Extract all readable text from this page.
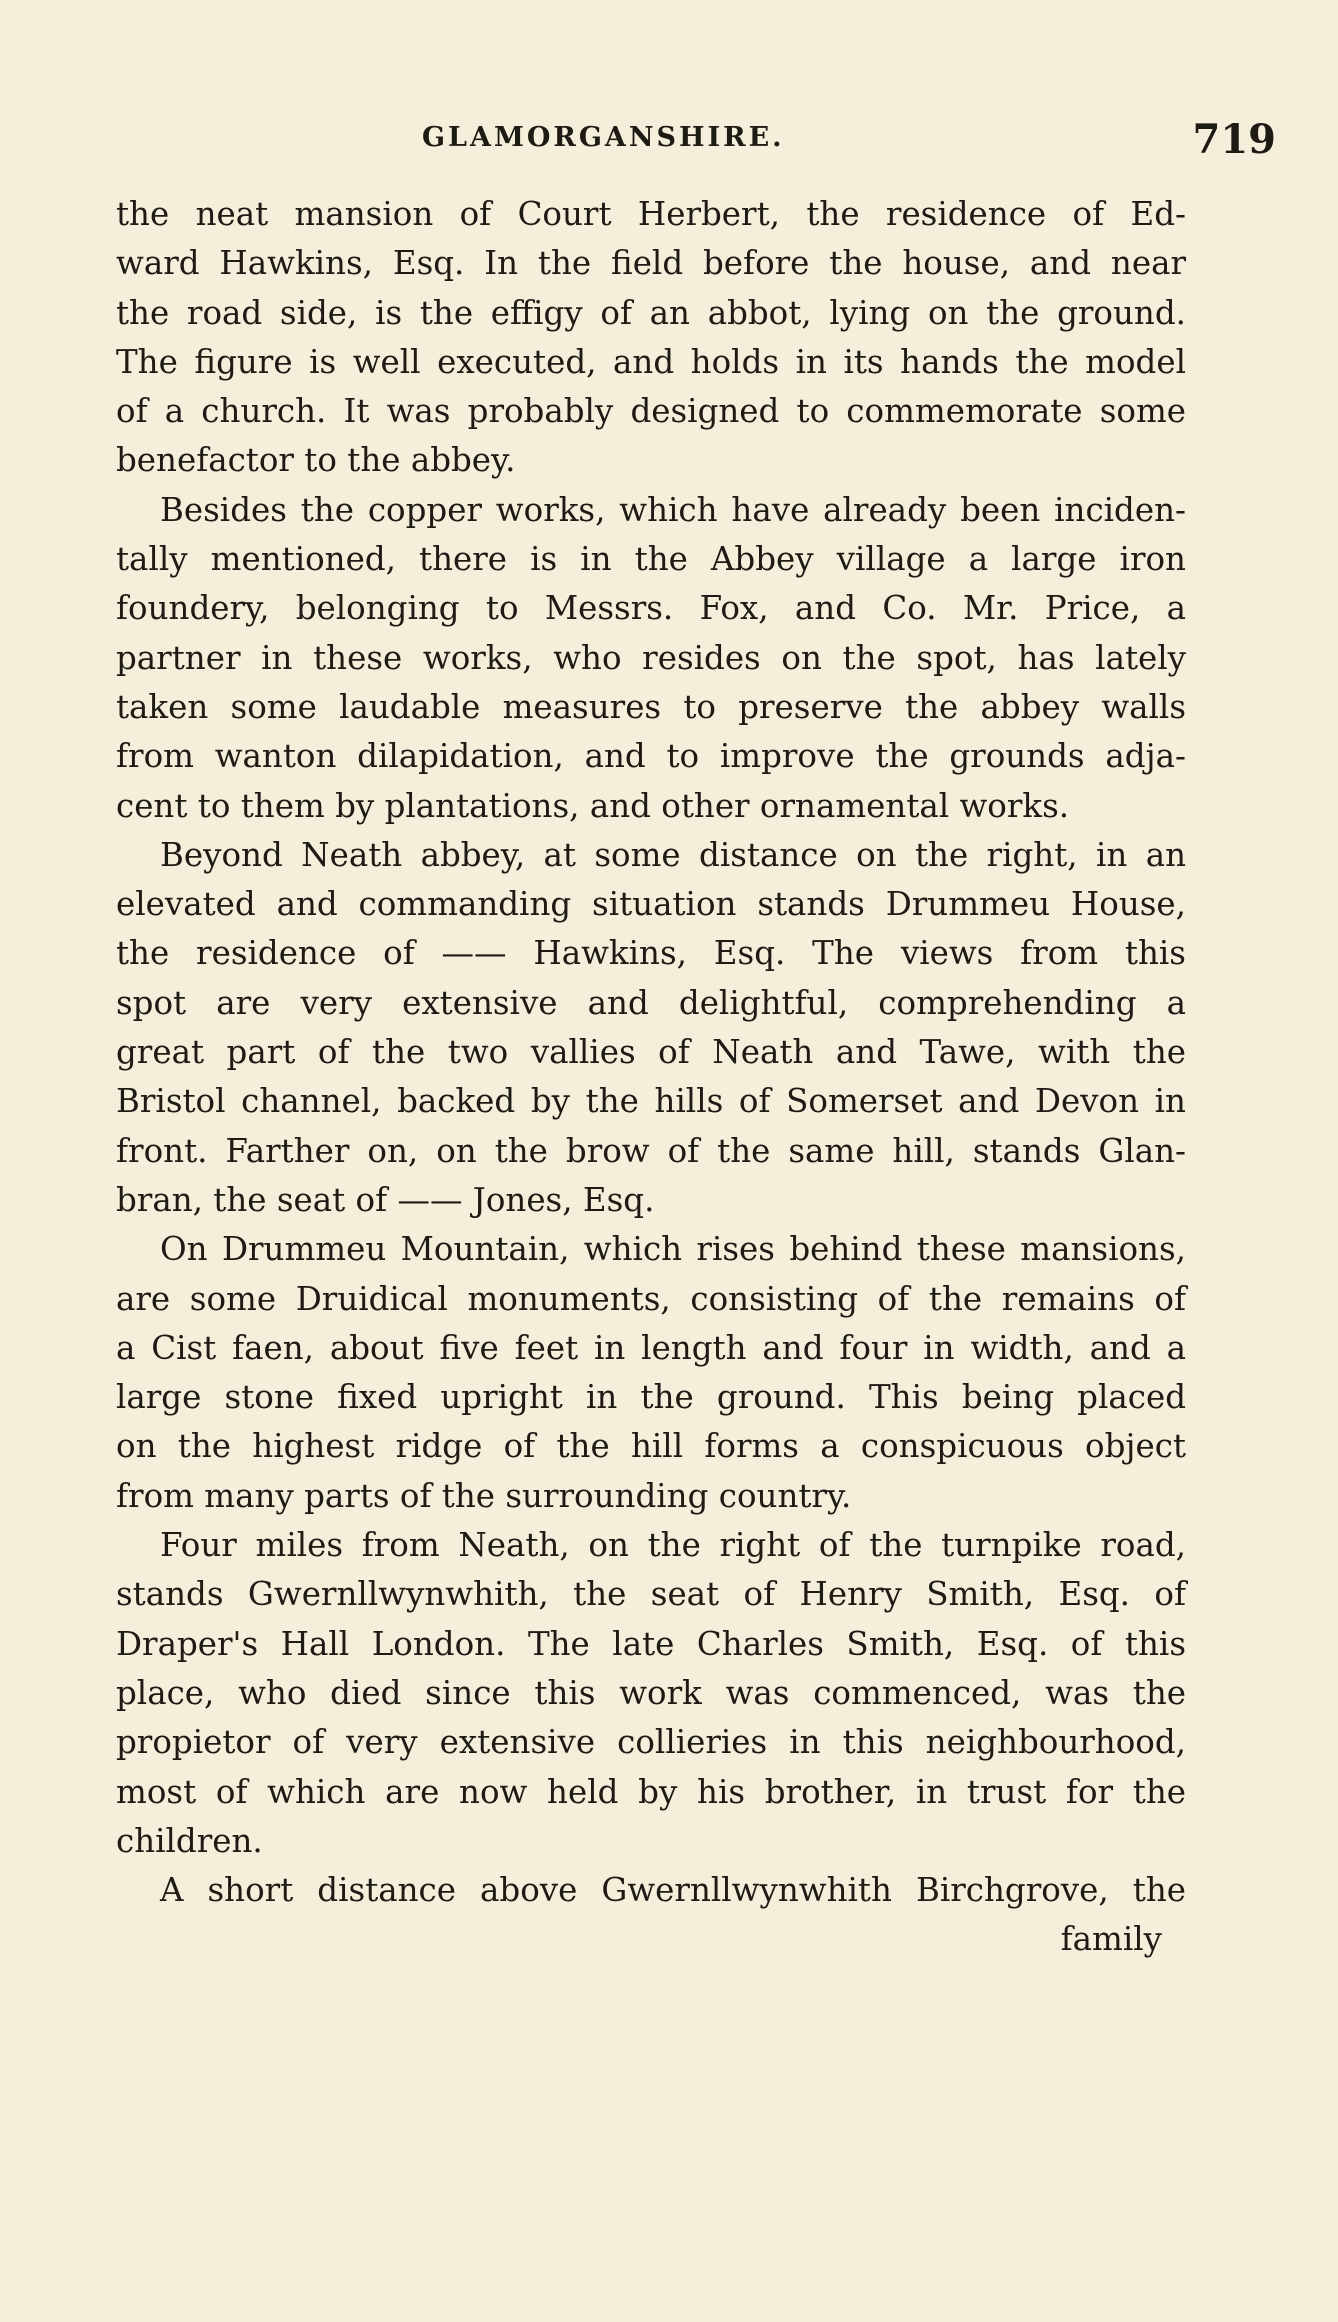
GLAMORGANSHIRE.	719
the neat mansion of Court Herbert, the residence of Ed-
ward Hawkins, Esq. In the field before the house, and near
the road side, is the effigy of an abbot, lying on the ground.
The figure is well executed, and holds in its hands the model
of a church. It was probably designed to commemorate some
benefactor to the abbey.
Besides the copper works, which have already been inciden-
tally mentioned, there is in the Abbey village a large iron
foundery, belonging to Messrs. Fox, and Co. Mr. Price, a
partner in these works, who resides on the spot, has lately
taken some laudable measures to preserve the abbey walls
from wanton dilapidation, and to improve the grounds adja-
cent to them by plantations, and other ornamental works.
Beyond Neath abbey, at some distance on the right, in an
elevated and commanding situation stands Drummeu House,
the residence of —— Hawkins, Esq. The views from this
spot are very extensive and delightful, comprehending a
great part of the two vallies of Neath and Tawe, with the
Bristol channel, backed by the hills of Somerset and Devon in
front. Farther on, on the brow of the same hill, stands Glan-
bran, the seat of —— Jones, Esq.
On Drummeu Mountain, which rises behind these mansions,
are some Druidical monuments, consisting of the remains of
a Cist faen, about five feet in length and four in width, and a
large stone fixed upright in the ground. This being placed
on the highest ridge of the hill forms a conspicuous object
from many parts of the surrounding country.
Four miles from Neath, on the right of the turnpike road,
stands Gwernllwynwhith, the seat of Henry Smith, Esq. of
Draper's Hall London. The late Charles Smith, Esq. of this
place, who died since this work was commenced, was the
propietor of very extensive collieries in this neighbourhood,
most of which are now held by his brother, in trust for the
children.
A short distance above Gwernllwynwhith Birchgrove, the
family
